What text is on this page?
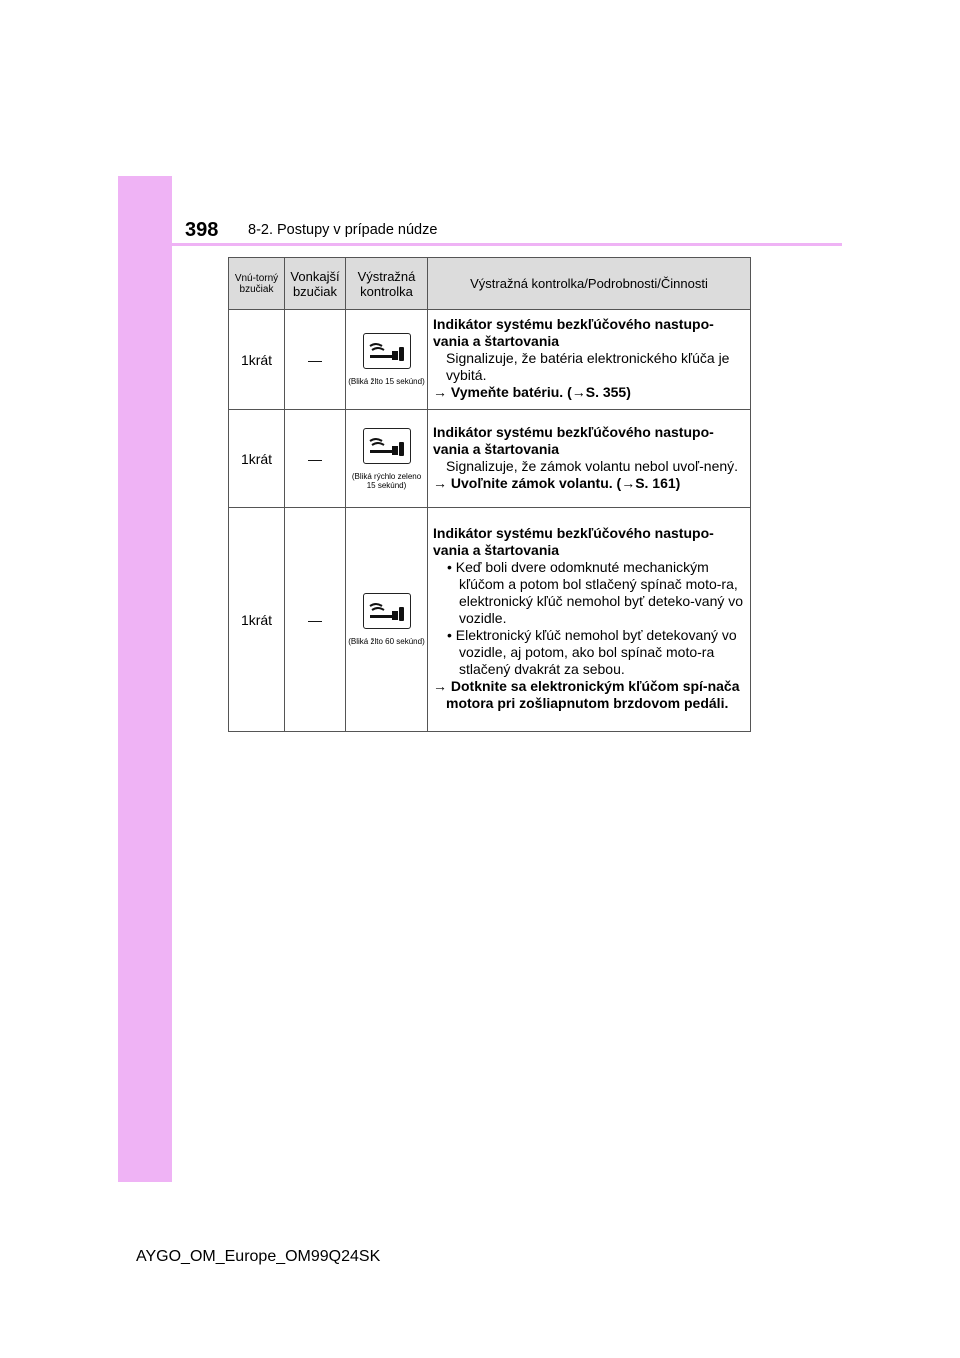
398 8-2. Postupy v prípade núdze
Vnú-torný bzučiak	Vonkajší bzučiak	Výstražná kontrolka	Výstražná kontrolka/Podrobnosti/Činnosti

1krát	—	(Bliká žlto 15 sekúnd)	Indikátor systému bezkľúčového nastupo-vania a štartovania
Signalizuje, že batéria elektronického kľúča je vybitá.
→ Vymeňte batériu. (→S. 355)

1krát	—	(Bliká rýchlo zeleno 15 sekúnd)	Indikátor systému bezkľúčového nastupo-vania a štartovania
Signalizuje, že zámok volantu nebol uvoľ-nený.
→ Uvoľnite zámok volantu. (→S. 161)

1krát	—	(Bliká žlto 60 sekúnd)	Indikátor systému bezkľúčového nastupo-vania a štartovania
• Keď boli dvere odomknuté mechanickým kľúčom a potom bol stlačený spínač moto-ra, elektronický kľúč nemohol byť deteko-vaný vo vozidle.
• Elektronický kľúč nemohol byť detekovaný vo vozidle, aj potom, ako bol spínač moto-ra stlačený dvakrát za sebou.
→ Dotknite sa elektronickým kľúčom spí-nača motora pri zošliapnutom brzdovom pedáli.
AYGO_OM_Europe_OM99Q24SK
